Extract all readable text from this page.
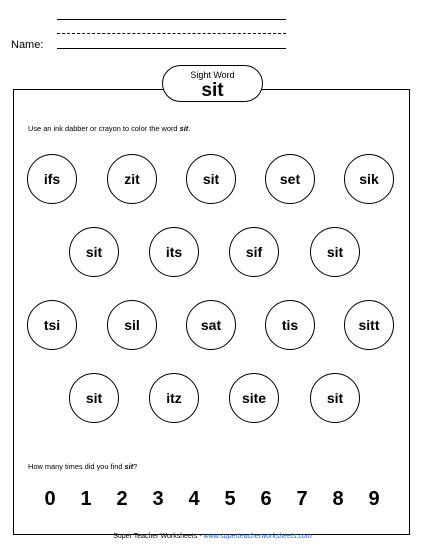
Name:
Sight Word
sit
Use an ink dabber or crayon to color the word sit.
ifs	zit	sit	set	sik
sit	its	sif	sit
tsi	sil	sat	tis	sitt
sit	itz	site	sit
How many times did you find sit?
0 1 2 3 4 5 6 7 8 9
Super Teacher Worksheets - www.superteacherworksheets.com
